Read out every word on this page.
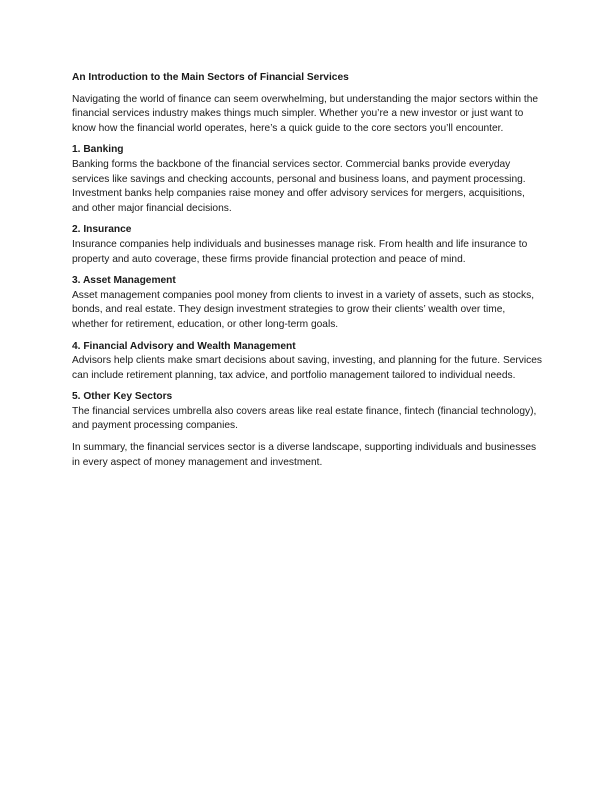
An Introduction to the Main Sectors of Financial Services

Navigating the world of finance can seem overwhelming, but understanding the major sectors within the financial services industry makes things much simpler. Whether you’re a new investor or just want to know how the financial world operates, here’s a quick guide to the core sectors you’ll encounter.

1. Banking
Banking forms the backbone of the financial services sector. Commercial banks provide everyday services like savings and checking accounts, personal and business loans, and payment processing. Investment banks help companies raise money and offer advisory services for mergers, acquisitions, and other major financial decisions.
2. Insurance
Insurance companies help individuals and businesses manage risk. From health and life insurance to property and auto coverage, these firms provide financial protection and peace of mind.
3. Asset Management
Asset management companies pool money from clients to invest in a variety of assets, such as stocks, bonds, and real estate. They design investment strategies to grow their clients’ wealth over time, whether for retirement, education, or other long-term goals.
4. Financial Advisory and Wealth Management
Advisors help clients make smart decisions about saving, investing, and planning for the future. Services can include retirement planning, tax advice, and portfolio management tailored to individual needs.
5. Other Key Sectors
The financial services umbrella also covers areas like real estate finance, fintech (financial technology), and payment processing companies.

In summary, the financial services sector is a diverse landscape, supporting individuals and businesses in every aspect of money management and investment.
